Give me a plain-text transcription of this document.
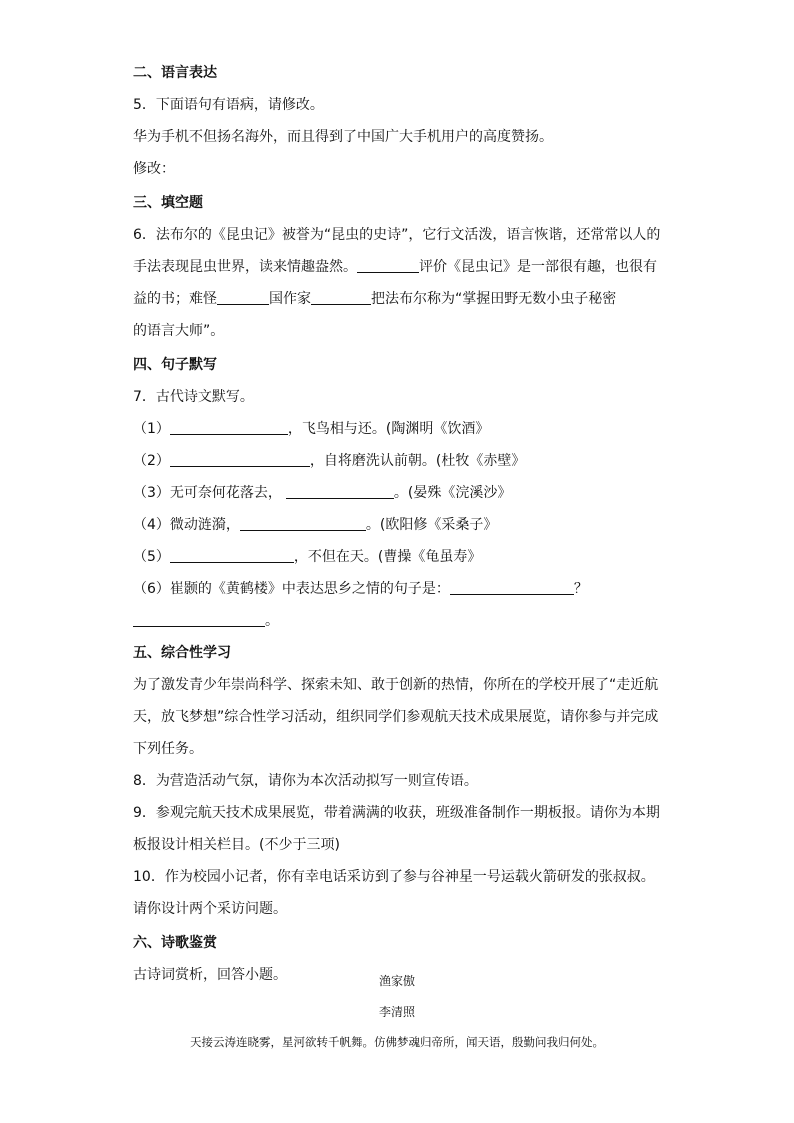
二、语言表达

5．下面语句有语病，请修改。

华为手机不但扬名海外，而且得到了中国广大手机用户的高度赞扬。

修改：

三、填空题

6．法布尔的《昆虫记》被誉为“昆虫的史诗”，它行文活泼，语言恢谐，还常常以人的

手法表现昆虫世界，读来情趣盎然。	评价《昆虫记》是一部很有趣，也很有

益的书；难怪	国作家	把法布尔称为“掌握田野无数小虫子秘密

的语言大师”。

四、句子默写

7．古代诗文默写。

（1）	，飞鸟相与还。(陶渊明《饮酒》

（2）	，自将磨洗认前朝。(杜牧《赤壁》

（3）无可奈何花落去，	。(晏殊《浣溪沙》

（4）微动涟漪，	。(欧阳修《采桑子》

（5）	，不但在天。(曹操《龟虽寿》

（6）崔颢的《黄鹤楼》中表达思乡之情的句子是：	？

。

五、综合性学习

为了激发青少年崇尚科学、探索未知、敢于创新的热情，你所在的学校开展了“走近航

天，放飞梦想”综合性学习活动，组织同学们参观航天技术成果展览，请你参与并完成

下列任务。

8．为营造活动气氛，请你为本次活动拟写一则宣传语。

9．参观完航天技术成果展览，带着满满的收获，班级准备制作一期板报。请你为本期

板报设计相关栏目。(不少于三项)

10．作为校园小记者，你有幸电话采访到了参与谷神星一号运载火箭研发的张叔叔。

请你设计两个采访问题。

六、诗歌鉴赏

古诗词赏析，回答小题。	渔家傲
李清照
天接云涛连晓雾，星河欲转千帆舞。仿佛梦魂归帝所，闻天语，殷勤问我归何处。
